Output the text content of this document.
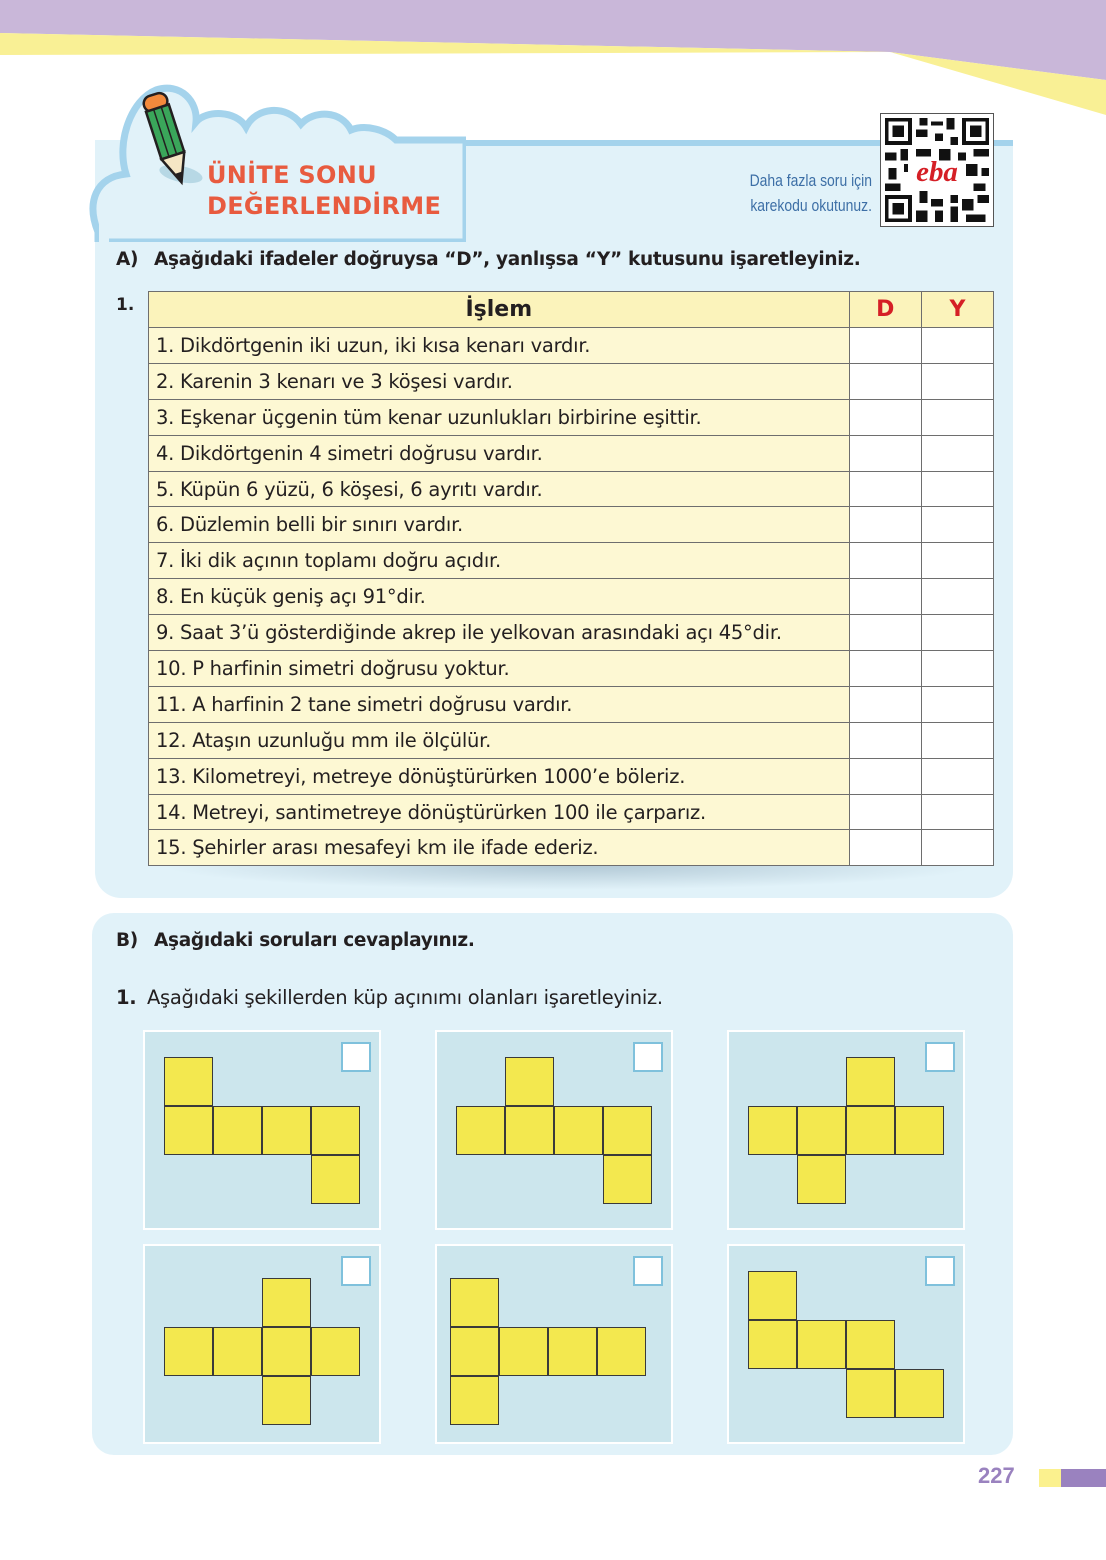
ÜNİTE SONU
DEĞERLENDİRME
Daha fazla soru için
karekodu okutunuz.
eba
A) Aşağıdaki ifadeler doğruysa “D”, yanlışsa “Y” kutusunu işaretleyiniz.
1.	İşlem	D	Y
1. Dikdörtgenin iki uzun, iki kısa kenarı vardır.		
2. Karenin 3 kenarı ve 3 köşesi vardır.		
3. Eşkenar üçgenin tüm kenar uzunlukları birbirine eşittir.		
4. Dikdörtgenin 4 simetri doğrusu vardır.		
5. Küpün 6 yüzü, 6 köşesi, 6 ayrıtı vardır.		
6. Düzlemin belli bir sınırı vardır.		
7. İki dik açının toplamı doğru açıdır.		
8. En küçük geniş açı 91°dir.		
9. Saat 3’ü gösterdiğinde akrep ile yelkovan arasındaki açı 45°dir.		
10. P harfinin simetri doğrusu yoktur.		
11. A harfinin 2 tane simetri doğrusu vardır.		
12. Ataşın uzunluğu mm ile ölçülür.		
13. Kilometreyi, metreye dönüştürürken 1000’e böleriz.		
14. Metreyi, santimetreye dönüştürürken 100 ile çarparız.		
15. Şehirler arası mesafeyi km ile ifade ederiz.		
B) Aşağıdaki soruları cevaplayınız.
1. Aşağıdaki şekillerden küp açınımı olanları işaretleyiniz.
227
